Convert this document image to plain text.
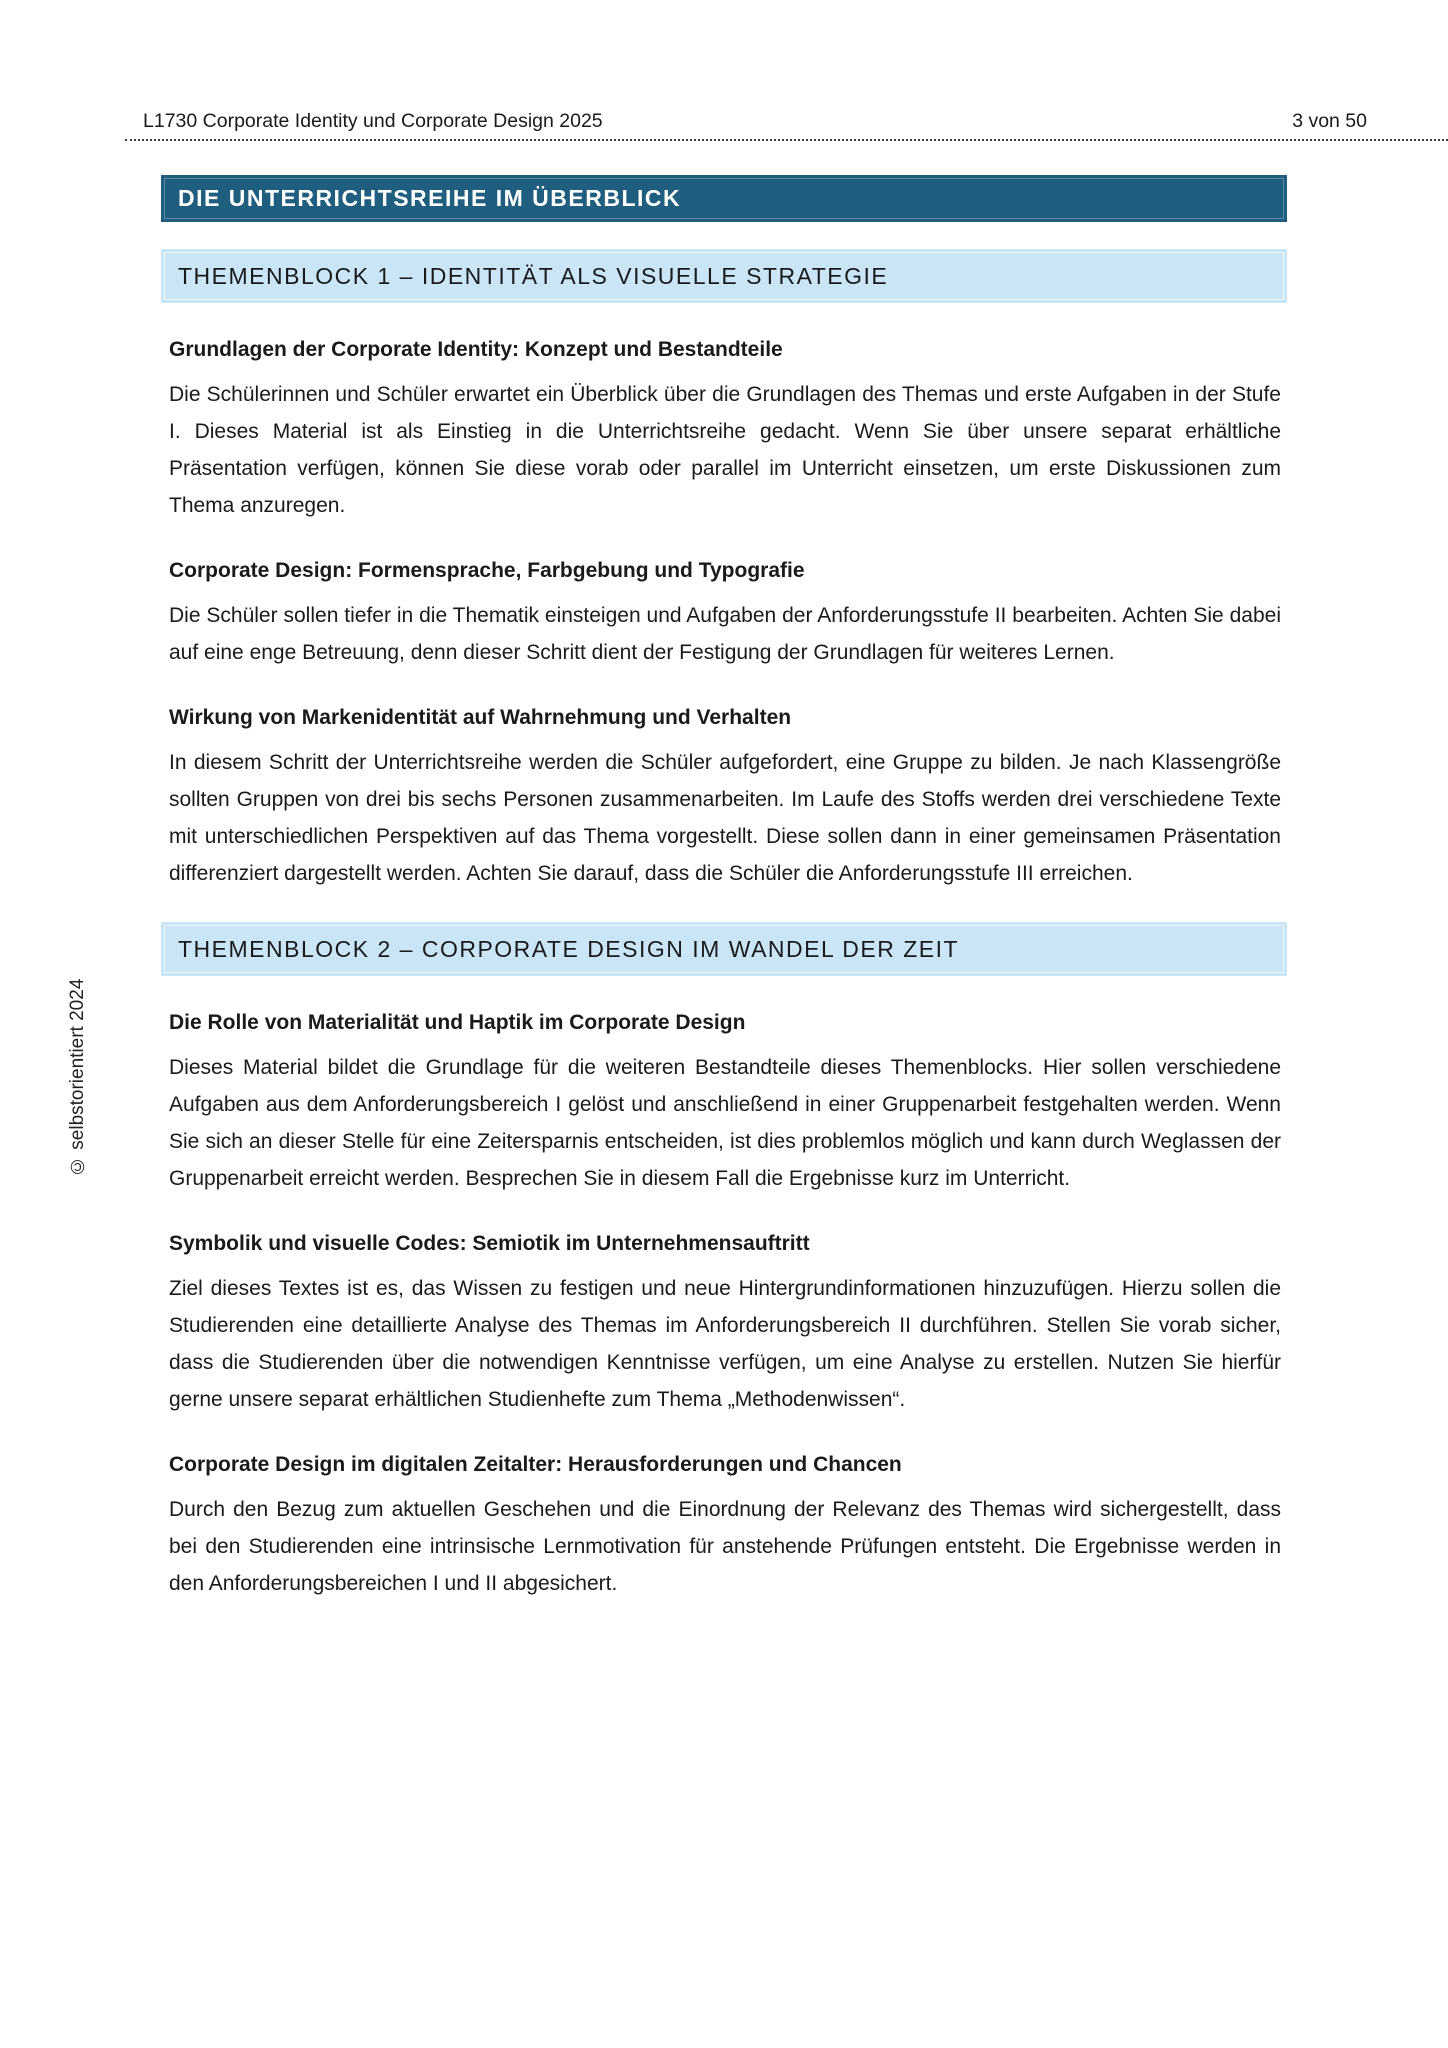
L1730 Corporate Identity und Corporate Design 2025	3 von 50
© selbstorientiert 2024
DIE UNTERRICHTSREIHE IM ÜBERBLICK
THEMENBLOCK 1 – IDENTITÄT ALS VISUELLE STRATEGIE
Grundlagen der Corporate Identity: Konzept und Bestandteile

Die Schülerinnen und Schüler erwartet ein Überblick über die Grundlagen des Themas und erste Aufgaben in der Stufe I. Dieses Material ist als Einstieg in die Unterrichtsreihe gedacht. Wenn Sie über unsere separat erhältliche Präsentation verfügen, können Sie diese vorab oder parallel im Unterricht einsetzen, um erste Diskussionen zum Thema anzuregen.

Corporate Design: Formensprache, Farbgebung und Typografie

Die Schüler sollen tiefer in die Thematik einsteigen und Aufgaben der Anforderungsstufe II bearbeiten. Achten Sie dabei auf eine enge Betreuung, denn dieser Schritt dient der Festigung der Grundlagen für weiteres Lernen.

Wirkung von Markenidentität auf Wahrnehmung und Verhalten

In diesem Schritt der Unterrichtsreihe werden die Schüler aufgefordert, eine Gruppe zu bilden. Je nach Klassengröße sollten Gruppen von drei bis sechs Personen zusammenarbeiten. Im Laufe des Stoffs werden drei verschiedene Texte mit unterschiedlichen Perspektiven auf das Thema vorgestellt. Diese sollen dann in einer gemeinsamen Präsentation differenziert dargestellt werden. Achten Sie darauf, dass die Schüler die Anforderungsstufe III erreichen.

THEMENBLOCK 2 – CORPORATE DESIGN IM WANDEL DER ZEIT
Die Rolle von Materialität und Haptik im Corporate Design

Dieses Material bildet die Grundlage für die weiteren Bestandteile dieses Themenblocks. Hier sollen verschiedene Aufgaben aus dem Anforderungsbereich I gelöst und anschließend in einer Gruppenarbeit festgehalten werden. Wenn Sie sich an dieser Stelle für eine Zeitersparnis entscheiden, ist dies problemlos möglich und kann durch Weglassen der Gruppenarbeit erreicht werden. Besprechen Sie in diesem Fall die Ergebnisse kurz im Unterricht.

Symbolik und visuelle Codes: Semiotik im Unternehmensauftritt

Ziel dieses Textes ist es, das Wissen zu festigen und neue Hintergrundinformationen hinzuzufügen. Hierzu sollen die Studierenden eine detaillierte Analyse des Themas im Anforderungsbereich II durchführen. Stellen Sie vorab sicher, dass die Studierenden über die notwendigen Kenntnisse verfügen, um eine Analyse zu erstellen. Nutzen Sie hierfür gerne unsere separat erhältlichen Studienhefte zum Thema „Methodenwissen“.

Corporate Design im digitalen Zeitalter: Herausforderungen und Chancen

Durch den Bezug zum aktuellen Geschehen und die Einordnung der Relevanz des Themas wird sichergestellt, dass bei den Studierenden eine intrinsische Lernmotivation für anstehende Prüfungen entsteht. Die Ergebnisse werden in den Anforderungsbereichen I und II abgesichert.
